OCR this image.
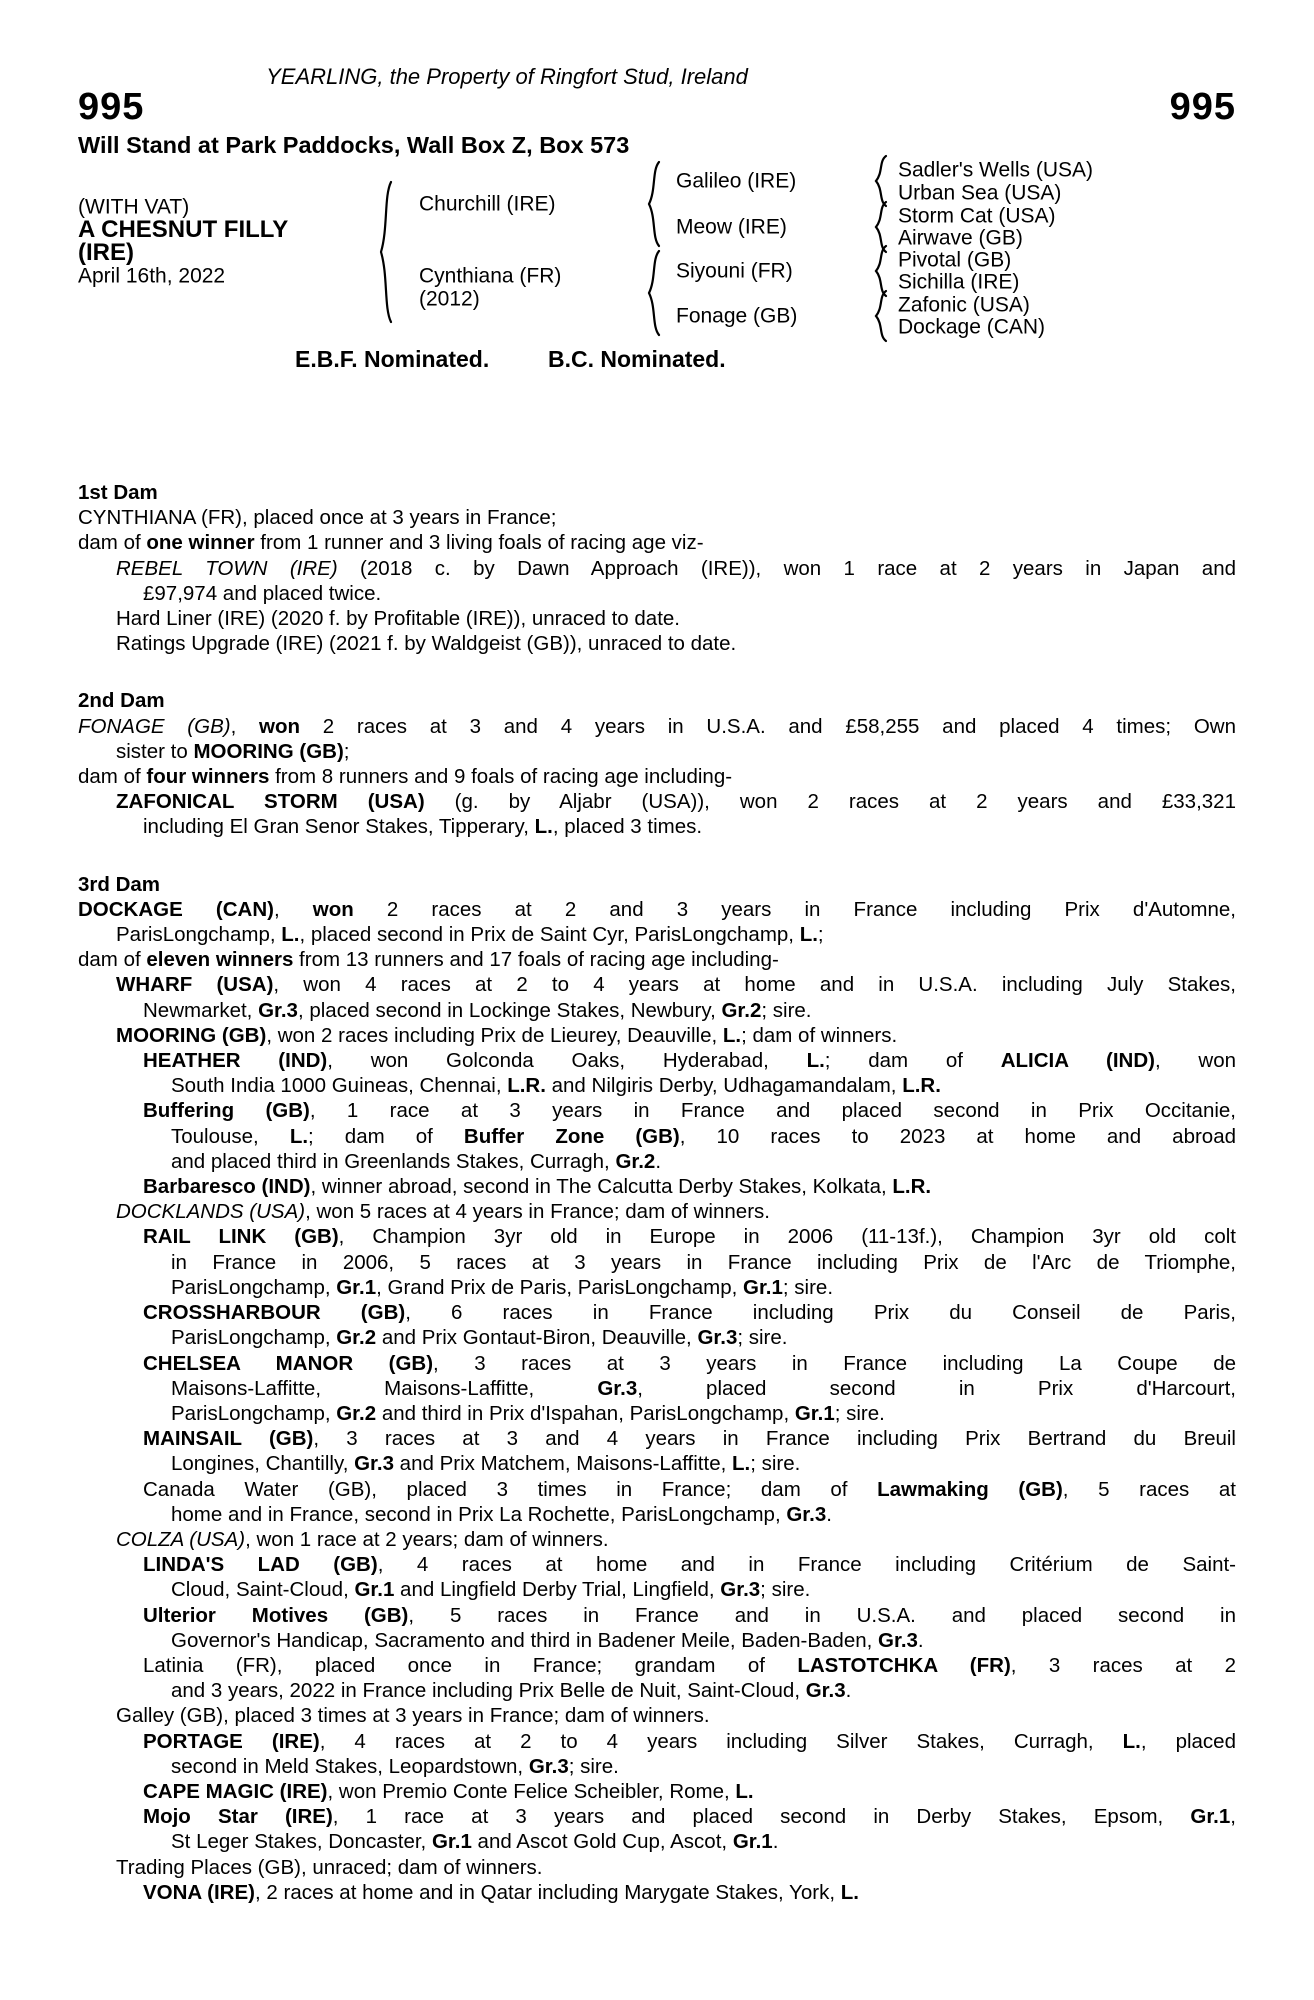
YEARLING, the Property of Ringfort Stud, Ireland
995	995
Will Stand at Park Paddocks, Wall Box Z, Box 573
(WITH VAT)
A CHESNUT FILLY
(IRE)
April 16th, 2022
Churchill (IRE)
Cynthiana (FR)
(2012)
Galileo (IRE)
Meow (IRE)
Siyouni (FR)
Fonage (GB)
Sadler's Wells (USA)
Urban Sea (USA)
Storm Cat (USA)
Airwave (GB)
Pivotal (GB)
Sichilla (IRE)
Zafonic (USA)
Dockage (CAN)
E.B.F. Nominated.	B.C. Nominated.
1st Dam
CYNTHIANA (FR), placed once at 3 years in France;
dam of one winner from 1 runner and 3 living foals of racing age viz-
REBEL TOWN (IRE) (2018 c. by Dawn Approach (IRE)), won 1 race at 2 years in Japan and
£97,974 and placed twice.
Hard Liner (IRE) (2020 f. by Profitable (IRE)), unraced to date.
Ratings Upgrade (IRE) (2021 f. by Waldgeist (GB)), unraced to date.
2nd Dam
FONAGE (GB), won 2 races at 3 and 4 years in U.S.A. and £58,255 and placed 4 times; Own
sister to MOORING (GB);
dam of four winners from 8 runners and 9 foals of racing age including-
ZAFONICAL STORM (USA) (g. by Aljabr (USA)), won 2 races at 2 years and £33,321
including El Gran Senor Stakes, Tipperary, L., placed 3 times.
3rd Dam
DOCKAGE (CAN), won 2 races at 2 and 3 years in France including Prix d'Automne,
ParisLongchamp, L., placed second in Prix de Saint Cyr, ParisLongchamp, L.;
dam of eleven winners from 13 runners and 17 foals of racing age including-
WHARF (USA), won 4 races at 2 to 4 years at home and in U.S.A. including July Stakes,
Newmarket, Gr.3, placed second in Lockinge Stakes, Newbury, Gr.2; sire.
MOORING (GB), won 2 races including Prix de Lieurey, Deauville, L.; dam of winners.
HEATHER (IND), won Golconda Oaks, Hyderabad, L.; dam of ALICIA (IND), won
South India 1000 Guineas, Chennai, L.R. and Nilgiris Derby, Udhagamandalam, L.R.
Buffering (GB), 1 race at 3 years in France and placed second in Prix Occitanie,
Toulouse, L.; dam of Buffer Zone (GB), 10 races to 2023 at home and abroad
and placed third in Greenlands Stakes, Curragh, Gr.2.
Barbaresco (IND), winner abroad, second in The Calcutta Derby Stakes, Kolkata, L.R.
DOCKLANDS (USA), won 5 races at 4 years in France; dam of winners.
RAIL LINK (GB), Champion 3yr old in Europe in 2006 (11-13f.), Champion 3yr old colt
in France in 2006, 5 races at 3 years in France including Prix de l'Arc de Triomphe,
ParisLongchamp, Gr.1, Grand Prix de Paris, ParisLongchamp, Gr.1; sire.
CROSSHARBOUR (GB), 6 races in France including Prix du Conseil de Paris,
ParisLongchamp, Gr.2 and Prix Gontaut-Biron, Deauville, Gr.3; sire.
CHELSEA MANOR (GB), 3 races at 3 years in France including La Coupe de
Maisons-Laffitte, Maisons-Laffitte, Gr.3, placed second in Prix d'Harcourt,
ParisLongchamp, Gr.2 and third in Prix d'Ispahan, ParisLongchamp, Gr.1; sire.
MAINSAIL (GB), 3 races at 3 and 4 years in France including Prix Bertrand du Breuil
Longines, Chantilly, Gr.3 and Prix Matchem, Maisons-Laffitte, L.; sire.
Canada Water (GB), placed 3 times in France; dam of Lawmaking (GB), 5 races at
home and in France, second in Prix La Rochette, ParisLongchamp, Gr.3.
COLZA (USA), won 1 race at 2 years; dam of winners.
LINDA'S LAD (GB), 4 races at home and in France including Critérium de Saint-
Cloud, Saint-Cloud, Gr.1 and Lingfield Derby Trial, Lingfield, Gr.3; sire.
Ulterior Motives (GB), 5 races in France and in U.S.A. and placed second in
Governor's Handicap, Sacramento and third in Badener Meile, Baden-Baden, Gr.3.
Latinia (FR), placed once in France; grandam of LASTOTCHKA (FR), 3 races at 2
and 3 years, 2022 in France including Prix Belle de Nuit, Saint-Cloud, Gr.3.
Galley (GB), placed 3 times at 3 years in France; dam of winners.
PORTAGE (IRE), 4 races at 2 to 4 years including Silver Stakes, Curragh, L., placed
second in Meld Stakes, Leopardstown, Gr.3; sire.
CAPE MAGIC (IRE), won Premio Conte Felice Scheibler, Rome, L.
Mojo Star (IRE), 1 race at 3 years and placed second in Derby Stakes, Epsom, Gr.1,
St Leger Stakes, Doncaster, Gr.1 and Ascot Gold Cup, Ascot, Gr.1.
Trading Places (GB), unraced; dam of winners.
VONA (IRE), 2 races at home and in Qatar including Marygate Stakes, York, L.
